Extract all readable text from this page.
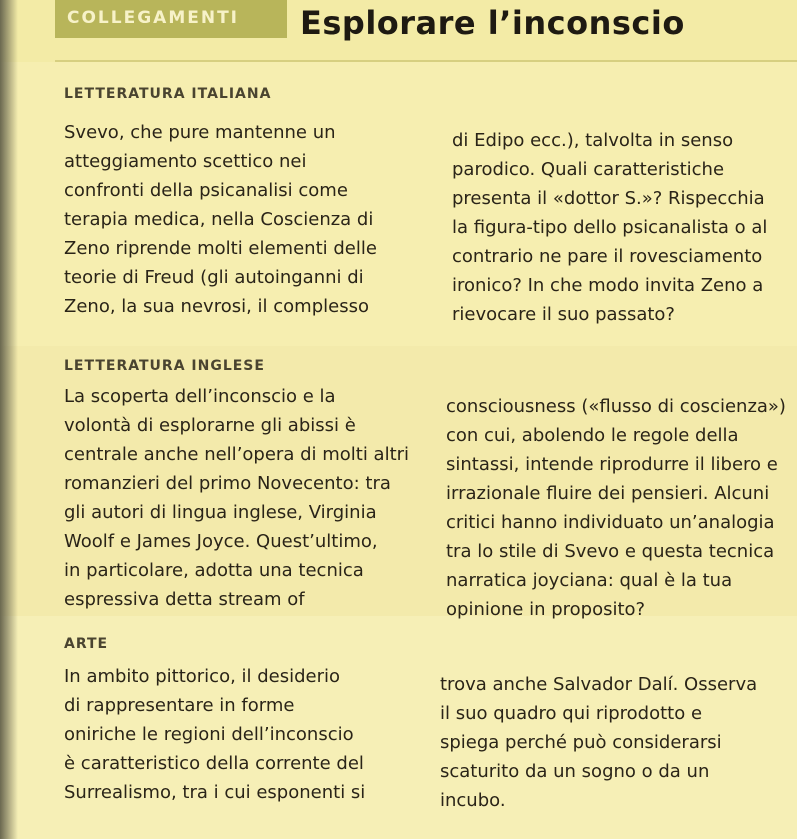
COLLEGAMENTI	Esplorare l’inconscio
LETTERATURA ITALIANA
Svevo, che pure mantenne un
atteggiamento scettico nei
confronti della psicanalisi come
terapia medica, nella Coscienza di
Zeno riprende molti elementi delle
teorie di Freud (gli autoinganni di
Zeno, la sua nevrosi, il complesso
di Edipo ecc.), talvolta in senso
parodico. Quali caratteristiche
presenta il «dottor S.»? Rispecchia
la figura-tipo dello psicanalista o al
contrario ne pare il rovesciamento
ironico? In che modo invita Zeno a
rievocare il suo passato?
LETTERATURA INGLESE
La scoperta dell’inconscio e la
volontà di esplorarne gli abissi è
centrale anche nell’opera di molti altri
romanzieri del primo Novecento: tra
gli autori di lingua inglese, Virginia
Woolf e James Joyce. Quest’ultimo,
in particolare, adotta una tecnica
espressiva detta stream of
consciousness («flusso di coscienza»)
con cui, abolendo le regole della
sintassi, intende riprodurre il libero e
irrazionale fluire dei pensieri. Alcuni
critici hanno individuato un’analogia
tra lo stile di Svevo e questa tecnica
narratica joyciana: qual è la tua
opinione in proposito?
ARTE
In ambito pittorico, il desiderio
di rappresentare in forme
oniriche le regioni dell’inconscio
è caratteristico della corrente del
Surrealismo, tra i cui esponenti si
trova anche Salvador Dalí. Osserva
il suo quadro qui riprodotto e
spiega perché può considerarsi
scaturito da un sogno o da un
incubo.
